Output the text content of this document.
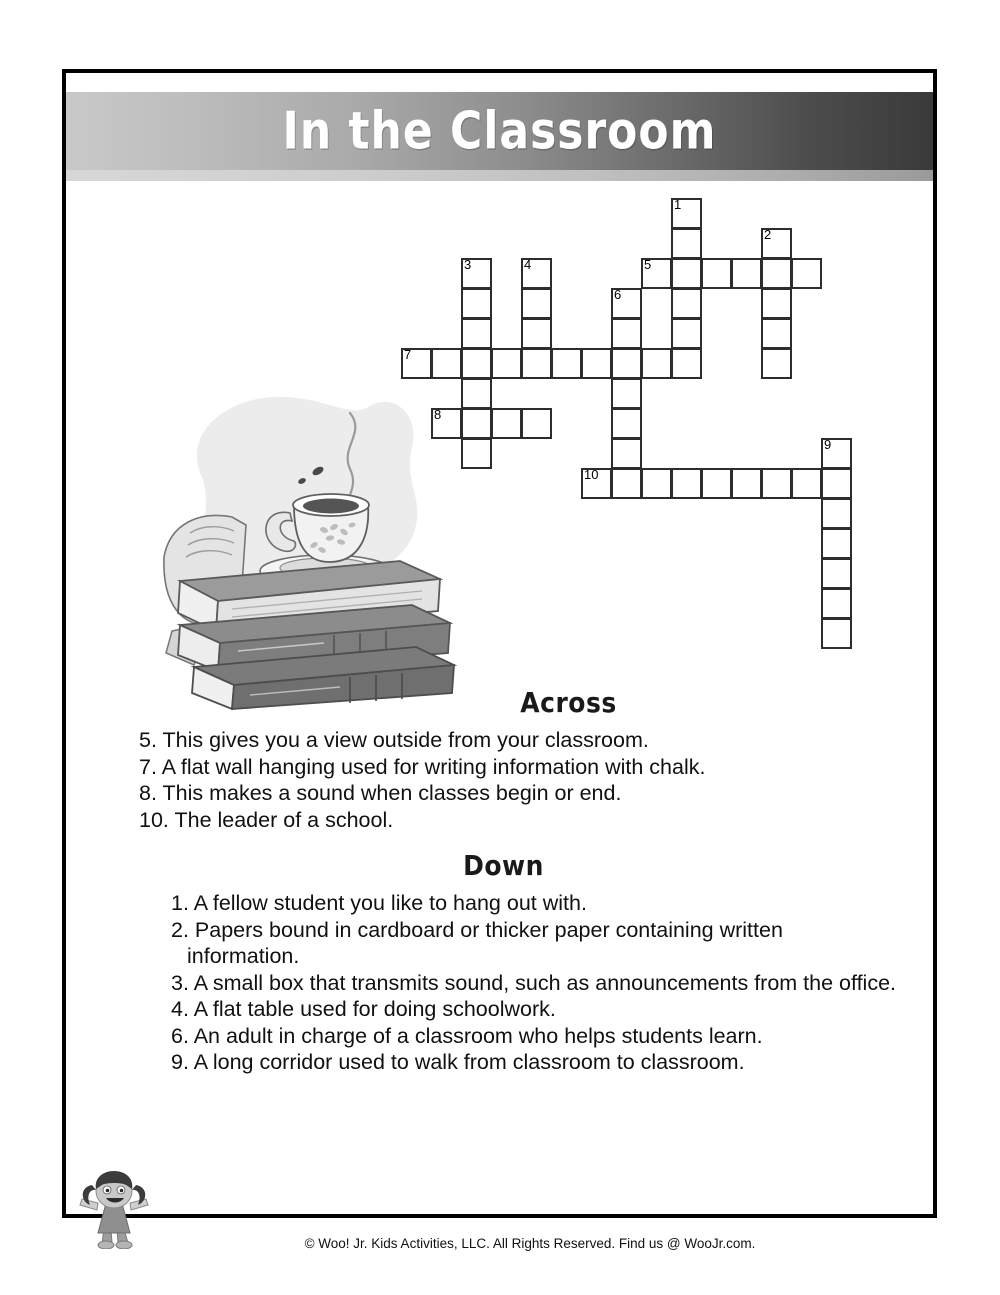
In the Classroom
1
2
3	4	5
6
7
8
9
10
Across
5. This gives you a view outside from your classroom.
7. A flat wall hanging used for writing information with chalk.
8. This makes a sound when classes begin or end.
10. The leader of a school.
Down
1. A fellow student you like to hang out with.
2. Papers bound in cardboard or thicker paper containing written information.
3. A small box that transmits sound, such as announcements from the office.
4. A flat table used for doing schoolwork.
6. An adult in charge of a classroom who helps students learn.
9. A long corridor used to walk from classroom to classroom.
© Woo! Jr. Kids Activities, LLC. All Rights Reserved. Find us @ WooJr.com.
